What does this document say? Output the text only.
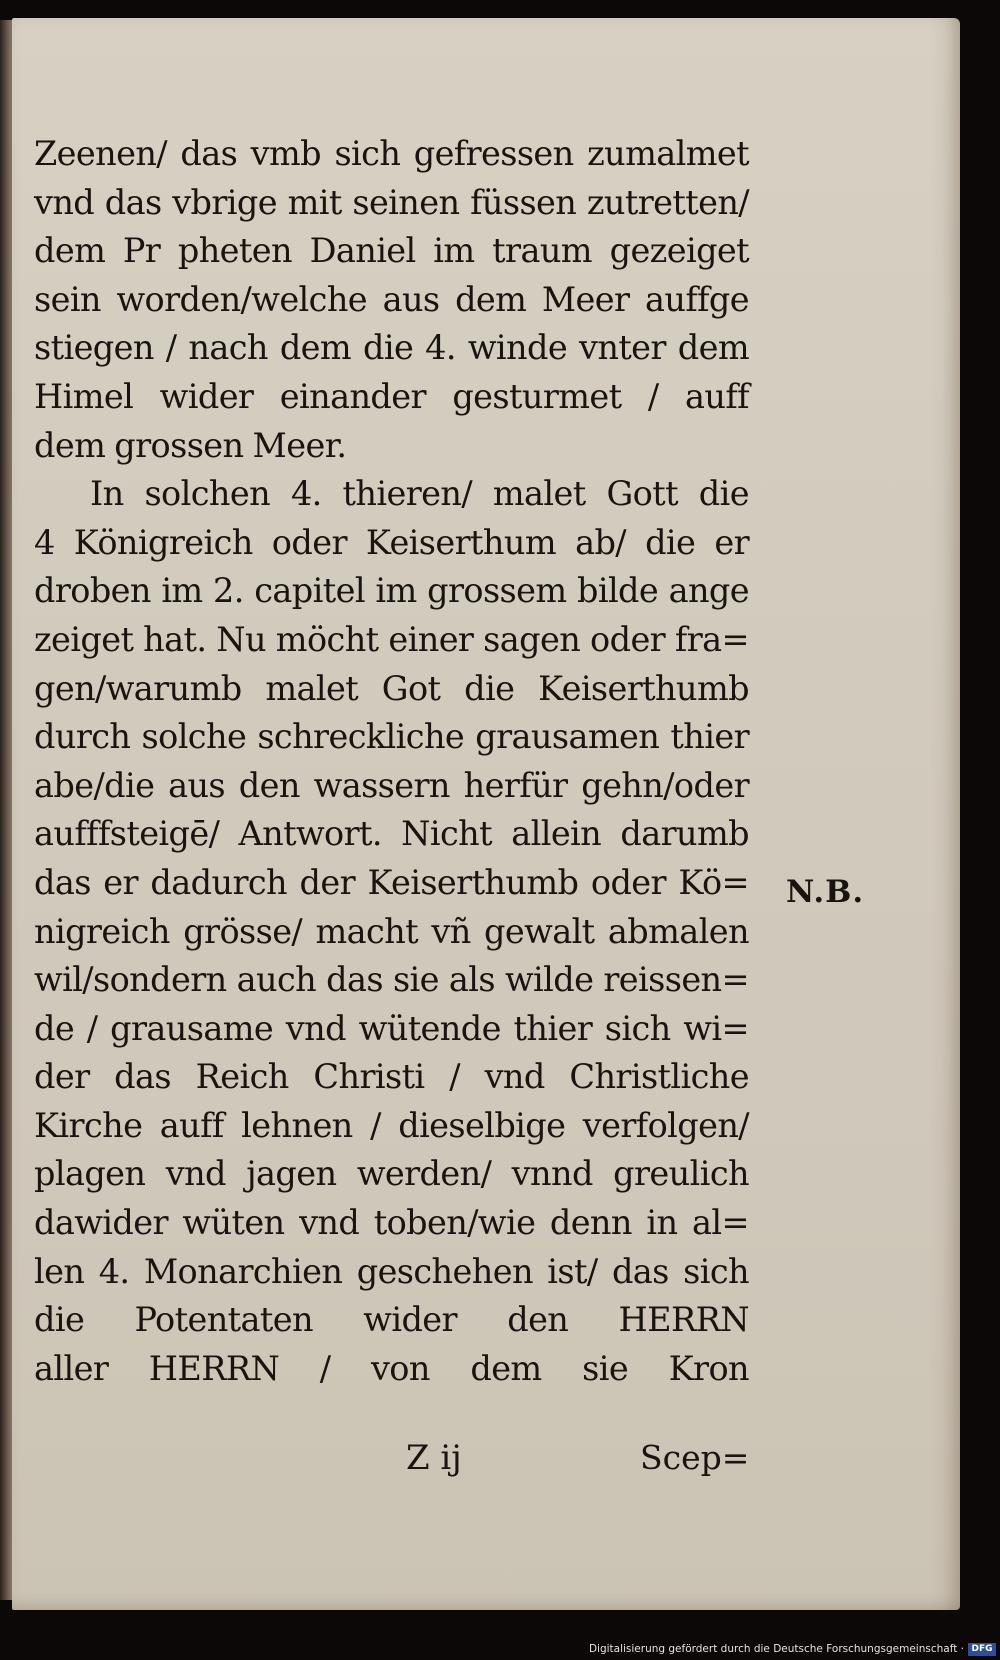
Zeenen/ das vmb sich gefressen zumalmet
vnd das vbrige mit seinen füssen zutretten/
dem Pr pheten Daniel im traum gezeiget
sein worden/welche aus dem Meer auffge
stiegen / nach dem die 4. winde vnter dem
Himel wider einander gesturmet / auff
dem grossen Meer.
In solchen 4. thieren/ malet Gott die
4 Königreich oder Keiserthum ab/ die er
droben im 2. capitel im grossem bilde ange
zeiget hat. Nu möcht einer sagen oder fra=
gen/warumb malet Got die Keiserthumb
durch solche schreckliche grausamen thier
abe/die aus den wassern herfür gehn/oder
aufffsteigē/ Antwort. Nicht allein darumb
das er dadurch der Keiserthumb oder Kö=
nigreich grösse/ macht vñ gewalt abmalen
wil/sondern auch das sie als wilde reissen=
de / grausame vnd wütende thier sich wi=
der das Reich Christi / vnd Christliche
Kirche auff lehnen / dieselbige verfolgen/
plagen vnd jagen werden/ vnnd greulich
dawider wüten vnd toben/wie denn in al=
len 4. Monarchien geschehen ist/ das sich
die Potentaten wider den HERRN
aller HERRN / von dem sie Kron
N.B.
Z ij	Scep=
Digitalisierung gefördert durch die Deutsche Forschungsgemeinschaft · DFG
